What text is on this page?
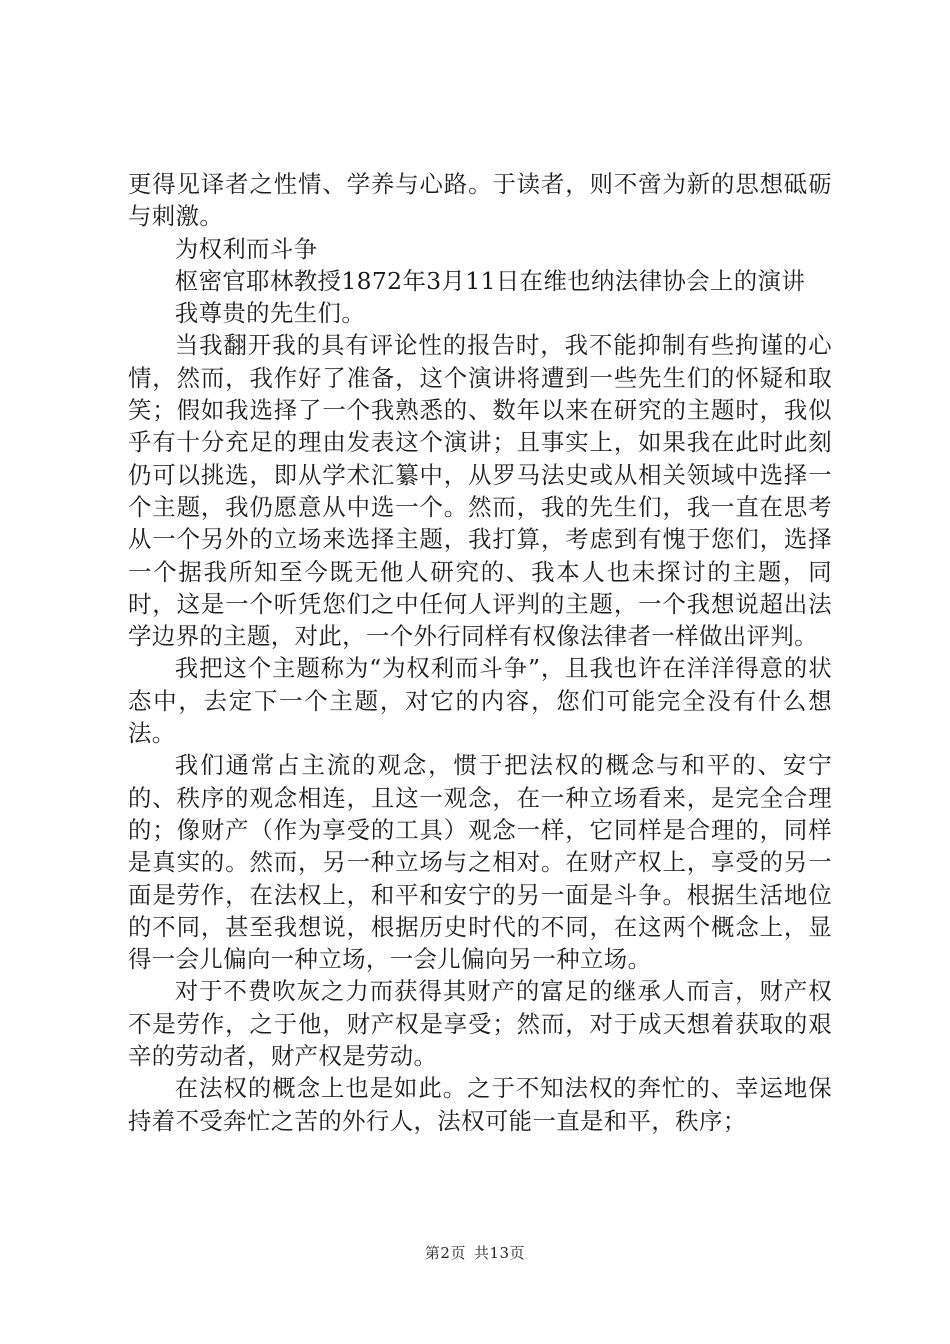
更得见译者之性情、学养与心路。于读者，则不啻为新的思想砥砺与刺激。

为权利而斗争

枢密官耶林教授1872年3月11日在维也纳法律协会上的演讲

我尊贵的先生们。

当我翻开我的具有评论性的报告时，我不能抑制有些拘谨的心情，然而，我作好了准备，这个演讲将遭到一些先生们的怀疑和取笑；假如我选择了一个我熟悉的、数年以来在研究的主题时，我似乎有十分充足的理由发表这个演讲；且事实上，如果我在此时此刻仍可以挑选，即从学术汇纂中，从罗马法史或从相关领域中选择一个主题，我仍愿意从中选一个。然而，我的先生们，我一直在思考从一个另外的立场来选择主题，我打算，考虑到有愧于您们，选择一个据我所知至今既无他人研究的、我本人也未探讨的主题，同时，这是一个听凭您们之中任何人评判的主题，一个我想说超出法学边界的主题，对此，一个外行同样有权像法律者一样做出评判。

我把这个主题称为“为权利而斗争”，且我也许在洋洋得意的状态中，去定下一个主题，对它的内容，您们可能完全没有什么想法。

我们通常占主流的观念，惯于把法权的概念与和平的、安宁的、秩序的观念相连，且这一观念，在一种立场看来，是完全合理的；像财产（作为享受的工具）观念一样，它同样是合理的，同样是真实的。然而，另一种立场与之相对。在财产权上，享受的另一面是劳作，在法权上，和平和安宁的另一面是斗争。根据生活地位的不同，甚至我想说，根据历史时代的不同，在这两个概念上，显得一会儿偏向一种立场，一会儿偏向另一种立场。

对于不费吹灰之力而获得其财产的富足的继承人而言，财产权不是劳作，之于他，财产权是享受；然而，对于成天想着获取的艰辛的劳动者，财产权是劳动。

在法权的概念上也是如此。之于不知法权的奔忙的、幸运地保持着不受奔忙之苦的外行人，法权可能一直是和平，秩序；

第2页 共13页
